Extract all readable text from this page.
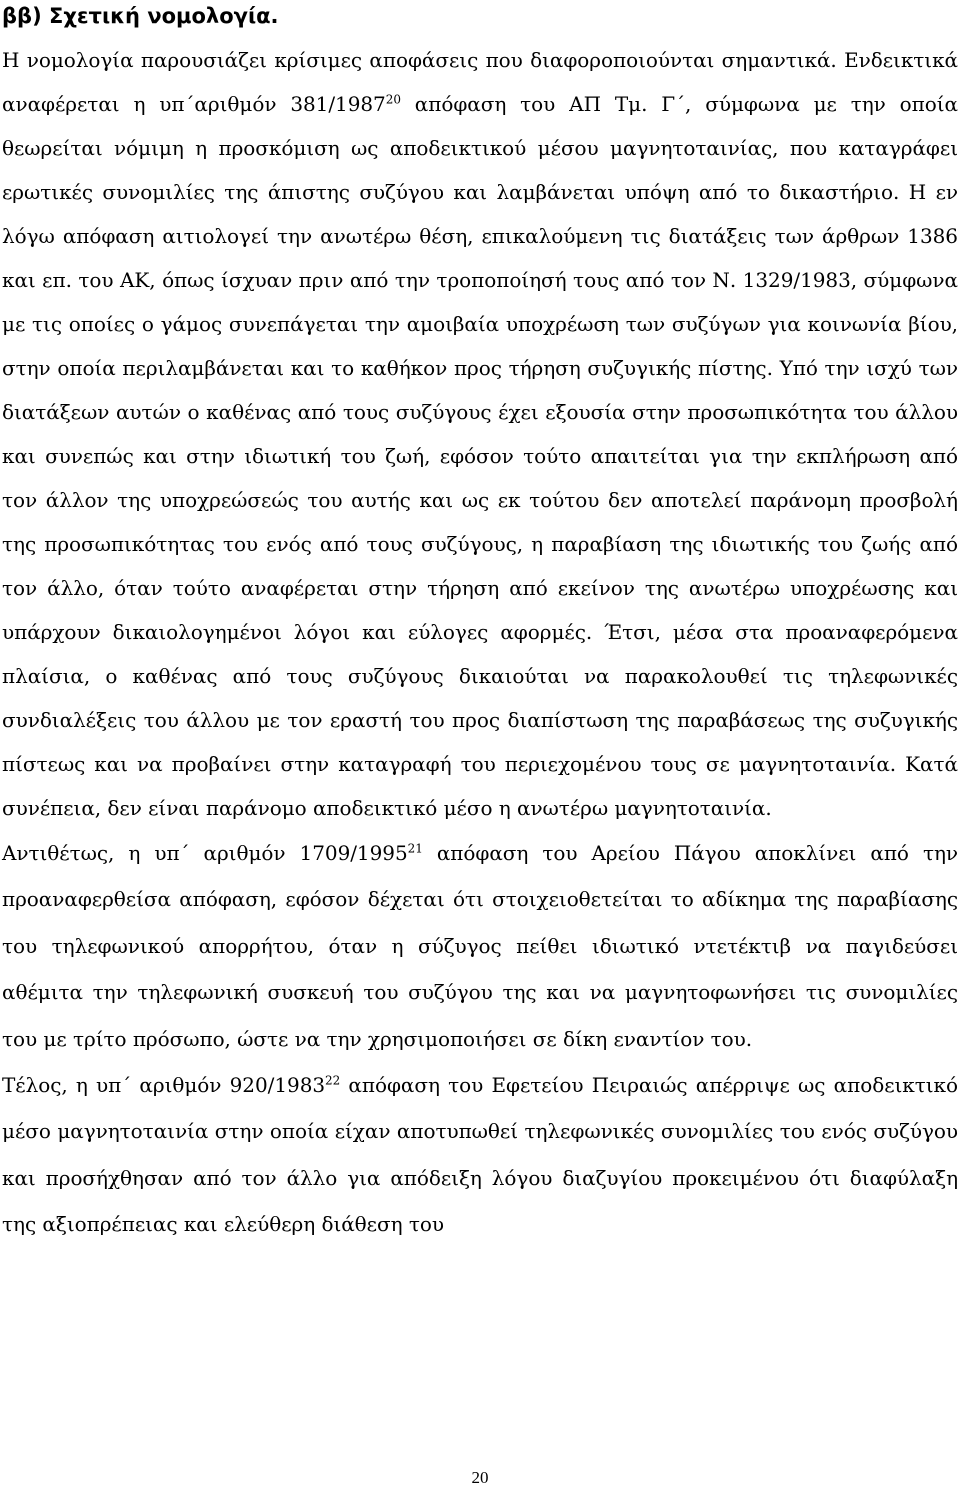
ββ) Σχετική νομολογία.

Η νομολογία παρουσιάζει κρίσιμες αποφάσεις που διαφοροποιούνται σημαντικά. Ενδεικτικά αναφέρεται η υπ΄αριθμόν 381/1987$^{20}$ απόφαση του ΑΠ Τμ. Γ΄, σύμφωνα με την οποία θεωρείται νόμιμη η προσκόμιση ως αποδεικτικού μέσου μαγνητοταινίας, που καταγράφει ερωτικές συνομιλίες της άπιστης συζύγου και λαμβάνεται υπόψη από το δικαστήριο. Η εν λόγω απόφαση αιτιολογεί την ανωτέρω θέση, επικαλούμενη τις διατάξεις των άρθρων 1386 και επ. του ΑΚ, όπως ίσχυαν πριν από την τροποποίησή τους από τον Ν. 1329/1983, σύμφωνα με τις οποίες ο γάμος συνεπάγεται την αμοιβαία υποχρέωση των συζύγων για κοινωνία βίου, στην οποία περιλαμβάνεται και το καθήκον προς τήρηση συζυγικής πίστης. Υπό την ισχύ των διατάξεων αυτών ο καθένας από τους συζύγους έχει εξουσία στην προσωπικότητα του άλλου και συνεπώς και στην ιδιωτική του ζωή, εφόσον τούτο απαιτείται για την εκπλήρωση από τον άλλον της υποχρεώσεώς του αυτής και ως εκ τούτου δεν αποτελεί παράνομη προσβολή της προσωπικότητας του ενός από τους συζύγους, η παραβίαση της ιδιωτικής του ζωής από τον άλλο, όταν τούτο αναφέρεται στην τήρηση από εκείνον της ανωτέρω υποχρέωσης και υπάρχουν δικαιολογημένοι λόγοι και εύλογες αφορμές. Έτσι, μέσα στα προαναφερόμενα πλαίσια, ο καθένας από τους συζύγους δικαιούται να παρακολουθεί τις τηλεφωνικές συνδιαλέξεις του άλλου με τον εραστή του προς διαπίστωση της παραβάσεως της συζυγικής πίστεως και να προβαίνει στην καταγραφή του περιεχομένου τους σε μαγνητοταινία. Κατά συνέπεια, δεν είναι παράνομο αποδεικτικό μέσο η ανωτέρω μαγνητοταινία.

Αντιθέτως, η υπ΄ αριθμόν 1709/1995$^{21}$ απόφαση του Αρείου Πάγου αποκλίνει από την προαναφερθείσα απόφαση, εφόσον δέχεται ότι στοιχειοθετείται το αδίκημα της παραβίασης του τηλεφωνικού απορρήτου, όταν η σύζυγος πείθει ιδιωτικό ντετέκτιβ να παγιδεύσει αθέμιτα την τηλεφωνική συσκευή του συζύγου της και να μαγνητοφωνήσει τις συνομιλίες του με τρίτο πρόσωπο, ώστε να την χρησιμοποιήσει σε δίκη εναντίον του.

Τέλος, η υπ΄ αριθμόν 920/1983$^{22}$ απόφαση του Εφετείου Πειραιώς απέρριψε ως αποδεικτικό μέσο μαγνητοταινία στην οποία είχαν αποτυπωθεί τηλεφωνικές συνομιλίες του ενός συζύγου και προσήχθησαν από τον άλλο για απόδειξη λόγου διαζυγίου προκειμένου ότι διαφύλαξη της αξιοπρέπειας και ελεύθερη διάθεση του

20
